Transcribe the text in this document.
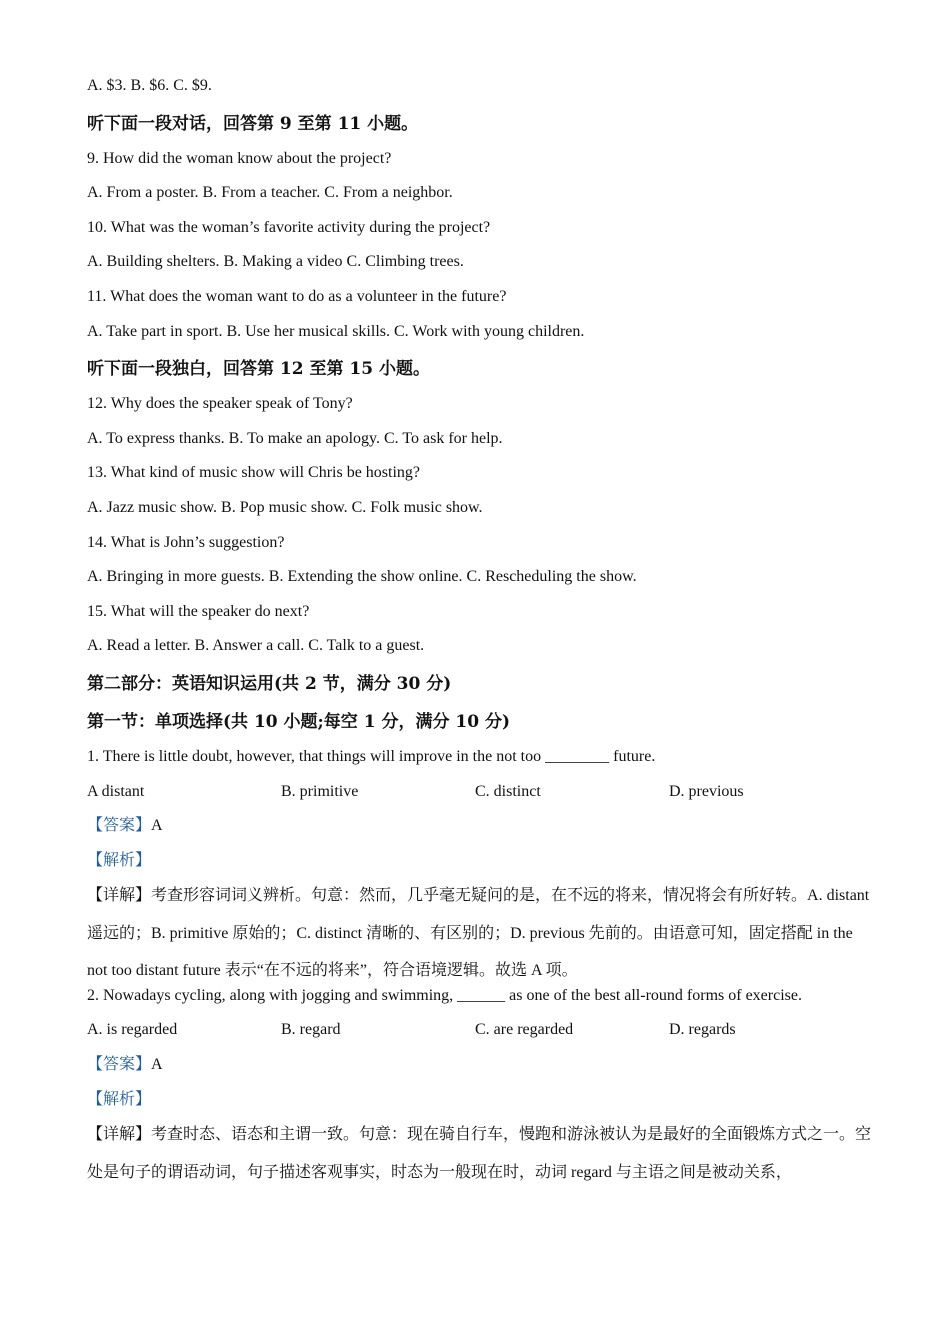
A. $3. B. $6. C. $9.
听下面一段对话，回答第 9 至第 11 小题。
9. How did the woman know about the project?
A. From a poster. B. From a teacher. C. From a neighbor.
10. What was the woman’s favorite activity during the project?
A. Building shelters. B. Making a video C. Climbing trees.
11. What does the woman want to do as a volunteer in the future?
A. Take part in sport. B. Use her musical skills. C. Work with young children.
听下面一段独白，回答第 12 至第 15 小题。
12. Why does the speaker speak of Tony?
A. To express thanks. B. To make an apology. C. To ask for help.
13. What kind of music show will Chris be hosting?
A. Jazz music show. B. Pop music show. C. Folk music show.
14. What is John’s suggestion?
A. Bringing in more guests. B. Extending the show online. C. Rescheduling the show.
15. What will the speaker do next?
A. Read a letter. B. Answer a call. C. Talk to a guest.
第二部分：英语知识运用(共 2 节，满分 30 分)
第一节：单项选择(共 10 小题;每空 1 分，满分 10 分)
1. There is little doubt, however, that things will improve in the not too ________ future.
A distant	B. primitive	C. distinct	D. previous
【答案】A
【解析】
【详解】考查形容词词义辨析。句意：然而，几乎毫无疑问的是，在不远的将来，情况将会有所好转。A. distant 遥远的；B. primitive 原始的；C. distinct 清晰的、有区别的；D. previous 先前的。由语意可知，固定搭配 in the not too distant future 表示“在不远的将来”，符合语境逻辑。故选 A 项。
2. Nowadays cycling, along with jogging and swimming, ______ as one of the best all-round forms of exercise.
A. is regarded	B. regard	C. are regarded	D. regards
【答案】A
【解析】
【详解】考查时态、语态和主谓一致。句意：现在骑自行车，慢跑和游泳被认为是最好的全面锻炼方式之一。空处是句子的谓语动词，句子描述客观事实，时态为一般现在时，动词 regard 与主语之间是被动关系，
